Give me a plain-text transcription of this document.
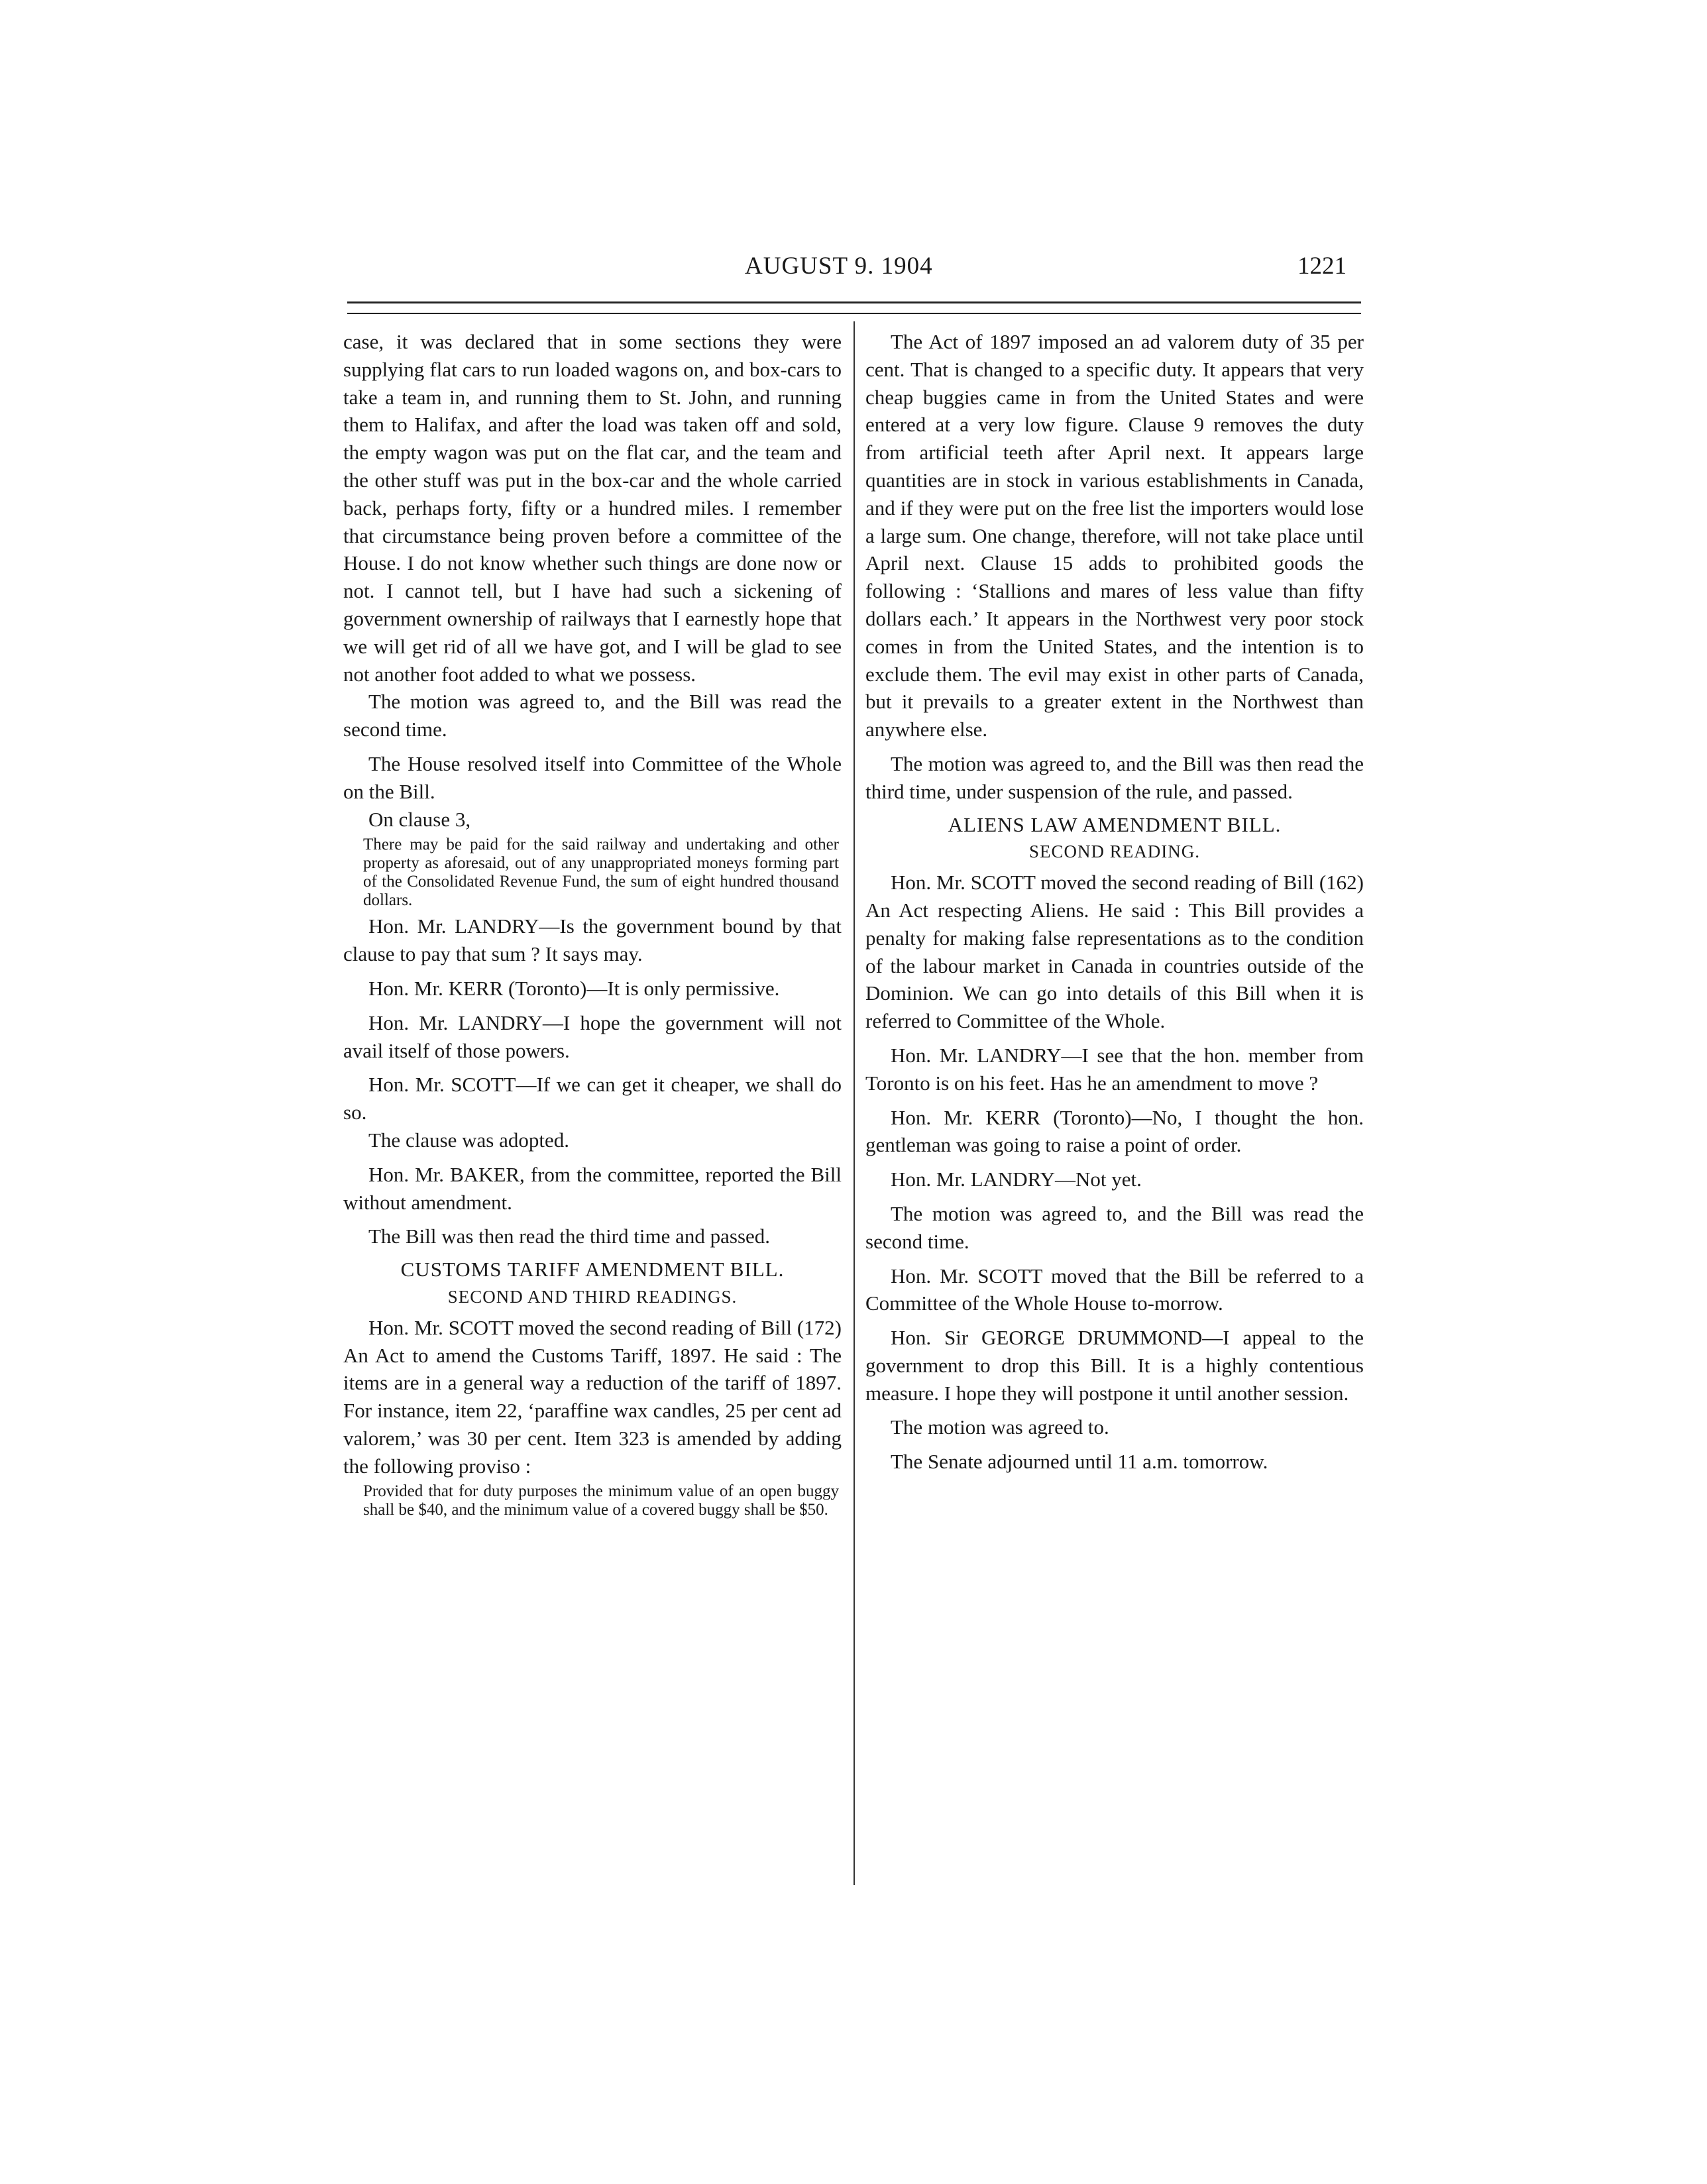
AUGUST 9. 1904	1221

case, it was declared that in some sections they were supplying flat cars to run loaded wagons on, and box-cars to take a team in, and running them to St. John, and running them to Halifax, and after the load was taken off and sold, the empty wagon was put on the flat car, and the team and the other stuff was put in the box-car and the whole carried back, perhaps forty, fifty or a hundred miles. I remember that circumstance being proven before a committee of the House. I do not know whether such things are done now or not. I cannot tell, but I have had such a sickening of government ownership of railways that I earnestly hope that we will get rid of all we have got, and I will be glad to see not another foot added to what we possess.

The motion was agreed to, and the Bill was read the second time.

The House resolved itself into Committee of the Whole on the Bill.

On clause 3,

There may be paid for the said railway and undertaking and other property as aforesaid, out of any unappropriated moneys forming part of the Consolidated Revenue Fund, the sum of eight hundred thousand dollars.

Hon. Mr. LANDRY—Is the government bound by that clause to pay that sum ? It says may.

Hon. Mr. KERR (Toronto)—It is only permissive.

Hon. Mr. LANDRY—I hope the government will not avail itself of those powers.

Hon. Mr. SCOTT—If we can get it cheaper, we shall do so.

The clause was adopted.

Hon. Mr. BAKER, from the committee, reported the Bill without amendment.

The Bill was then read the third time and passed.

CUSTOMS TARIFF AMENDMENT BILL.

SECOND AND THIRD READINGS.

Hon. Mr. SCOTT moved the second reading of Bill (172) An Act to amend the Customs Tariff, 1897. He said : The items are in a general way a reduction of the tariff of 1897. For instance, item 22, ‘paraffine wax candles, 25 per cent ad valorem,’ was 30 per cent. Item 323 is amended by adding the following proviso :

Provided that for duty purposes the minimum value of an open buggy shall be $40, and the minimum value of a covered buggy shall be $50.

The Act of 1897 imposed an ad valorem duty of 35 per cent. That is changed to a specific duty. It appears that very cheap buggies came in from the United States and were entered at a very low figure. Clause 9 removes the duty from artificial teeth after April next. It appears large quantities are in stock in various establishments in Canada, and if they were put on the free list the importers would lose a large sum. One change, therefore, will not take place until April next. Clause 15 adds to prohibited goods the following : ‘Stallions and mares of less value than fifty dollars each.’ It appears in the Northwest very poor stock comes in from the United States, and the intention is to exclude them. The evil may exist in other parts of Canada, but it prevails to a greater extent in the Northwest than anywhere else.

The motion was agreed to, and the Bill was then read the third time, under suspension of the rule, and passed.

ALIENS LAW AMENDMENT BILL.

SECOND READING.

Hon. Mr. SCOTT moved the second reading of Bill (162) An Act respecting Aliens. He said : This Bill provides a penalty for making false representations as to the condition of the labour market in Canada in countries outside of the Dominion. We can go into details of this Bill when it is referred to Committee of the Whole.

Hon. Mr. LANDRY—I see that the hon. member from Toronto is on his feet. Has he an amendment to move ?

Hon. Mr. KERR (Toronto)—No, I thought the hon. gentleman was going to raise a point of order.

Hon. Mr. LANDRY—Not yet.

The motion was agreed to, and the Bill was read the second time.

Hon. Mr. SCOTT moved that the Bill be referred to a Committee of the Whole House to-morrow.

Hon. Sir GEORGE DRUMMOND—I appeal to the government to drop this Bill. It is a highly contentious measure. I hope they will postpone it until another session.

The motion was agreed to.

The Senate adjourned until 11 a.m. tomorrow.
